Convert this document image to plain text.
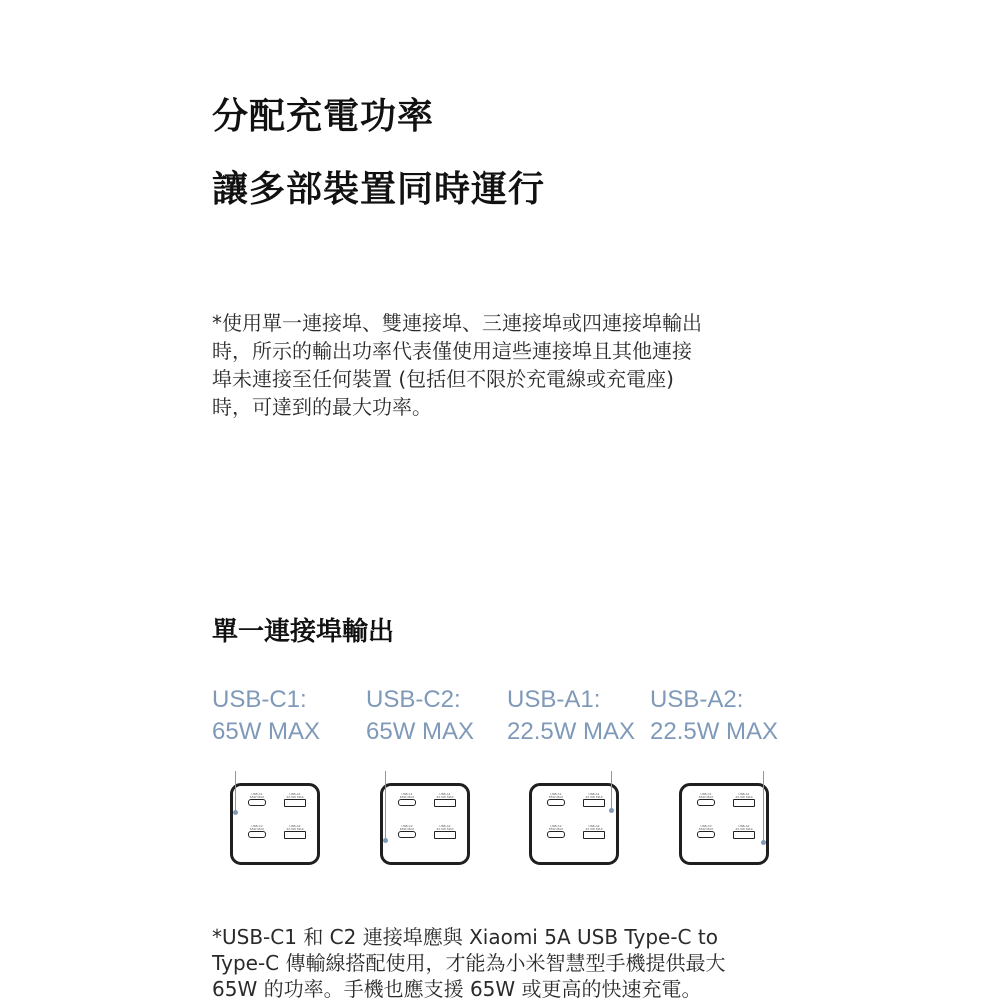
分配充電功率
讓多部裝置同時運行
*使用單一連接埠、雙連接埠、三連接埠或四連接埠輸出
時，所示的輸出功率代表僅使用這些連接埠且其他連接
埠未連接至任何裝置 (包括但不限於充電線或充電座)
時，可達到的最大功率。
單一連接埠輸出
USB-C1:
65W MAX
USB-C2:
65W MAX
USB-A1:
22.5W MAX
USB-A2:
22.5W MAX
USB-C1
65W MAX
USB-A1
22.5W MAX
USB-C2
65W MAX
USB-A2
22.5W MAX
USB-C1
65W MAX
USB-A1
22.5W MAX
USB-C2
65W MAX
USB-A2
22.5W MAX
USB-C1
65W MAX
USB-A1
22.5W MAX
USB-C2
65W MAX
USB-A2
22.5W MAX
USB-C1
65W MAX
USB-A1
22.5W MAX
USB-C2
65W MAX
USB-A2
22.5W MAX
*USB-C1 和 C2 連接埠應與 Xiaomi 5A USB Type-C to
Type-C 傳輸線搭配使用，才能為小米智慧型手機提供最大
65W 的功率。手機也應支援 65W 或更高的快速充電。
